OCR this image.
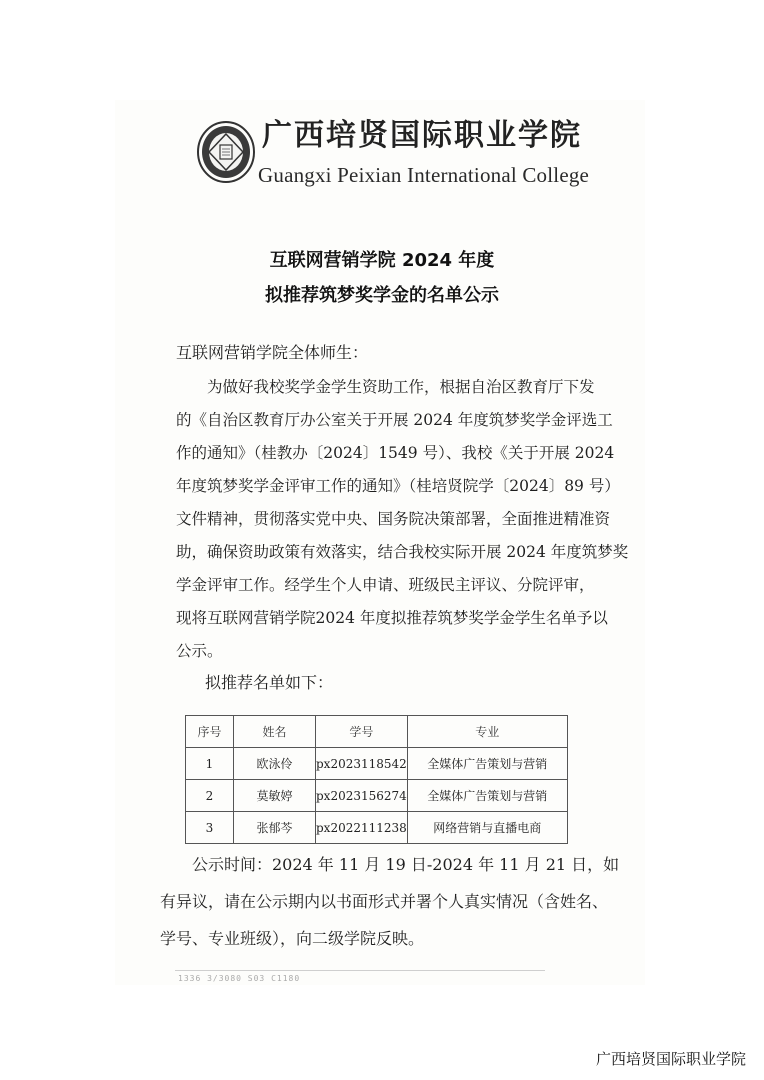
广西培贤国际职业学院
Guangxi Peixian International College
互联网营销学院 2024 年度
拟推荐筑梦奖学金的名单公示
互联网营销学院全体师生：
　　为做好我校奖学金学生资助工作，根据自治区教育厅下发
的《自治区教育厅办公室关于开展 2024 年度筑梦奖学金评选工
作的通知》（桂教办〔2024〕1549 号）、我校《关于开展 2024
年度筑梦奖学金评审工作的通知》（桂培贤院学〔2024〕89 号）
文件精神，贯彻落实党中央、国务院决策部署，全面推进精准资
助，确保资助政策有效落实，结合我校实际开展 2024 年度筑梦奖
学金评审工作。经学生个人申请、班级民主评议、分院评审，
现将互联网营销学院2024 年度拟推荐筑梦奖学金学生名单予以
公示。
拟推荐名单如下：
序号	姓名	学号	专业
1	欧泳伶	px2023118542	全媒体广告策划与营销
2	莫敏婷	px2023156274	全媒体广告策划与营销
3	张郁芩	px2022111238	网络营销与直播电商
　　公示时间：2024 年 11 月 19 日-2024 年 11 月 21 日，如
有异议，请在公示期内以书面形式并署个人真实情况（含姓名、
学号、专业班级），向二级学院反映。
1336 3/3080 S03 C1180
广西培贤国际职业学院
